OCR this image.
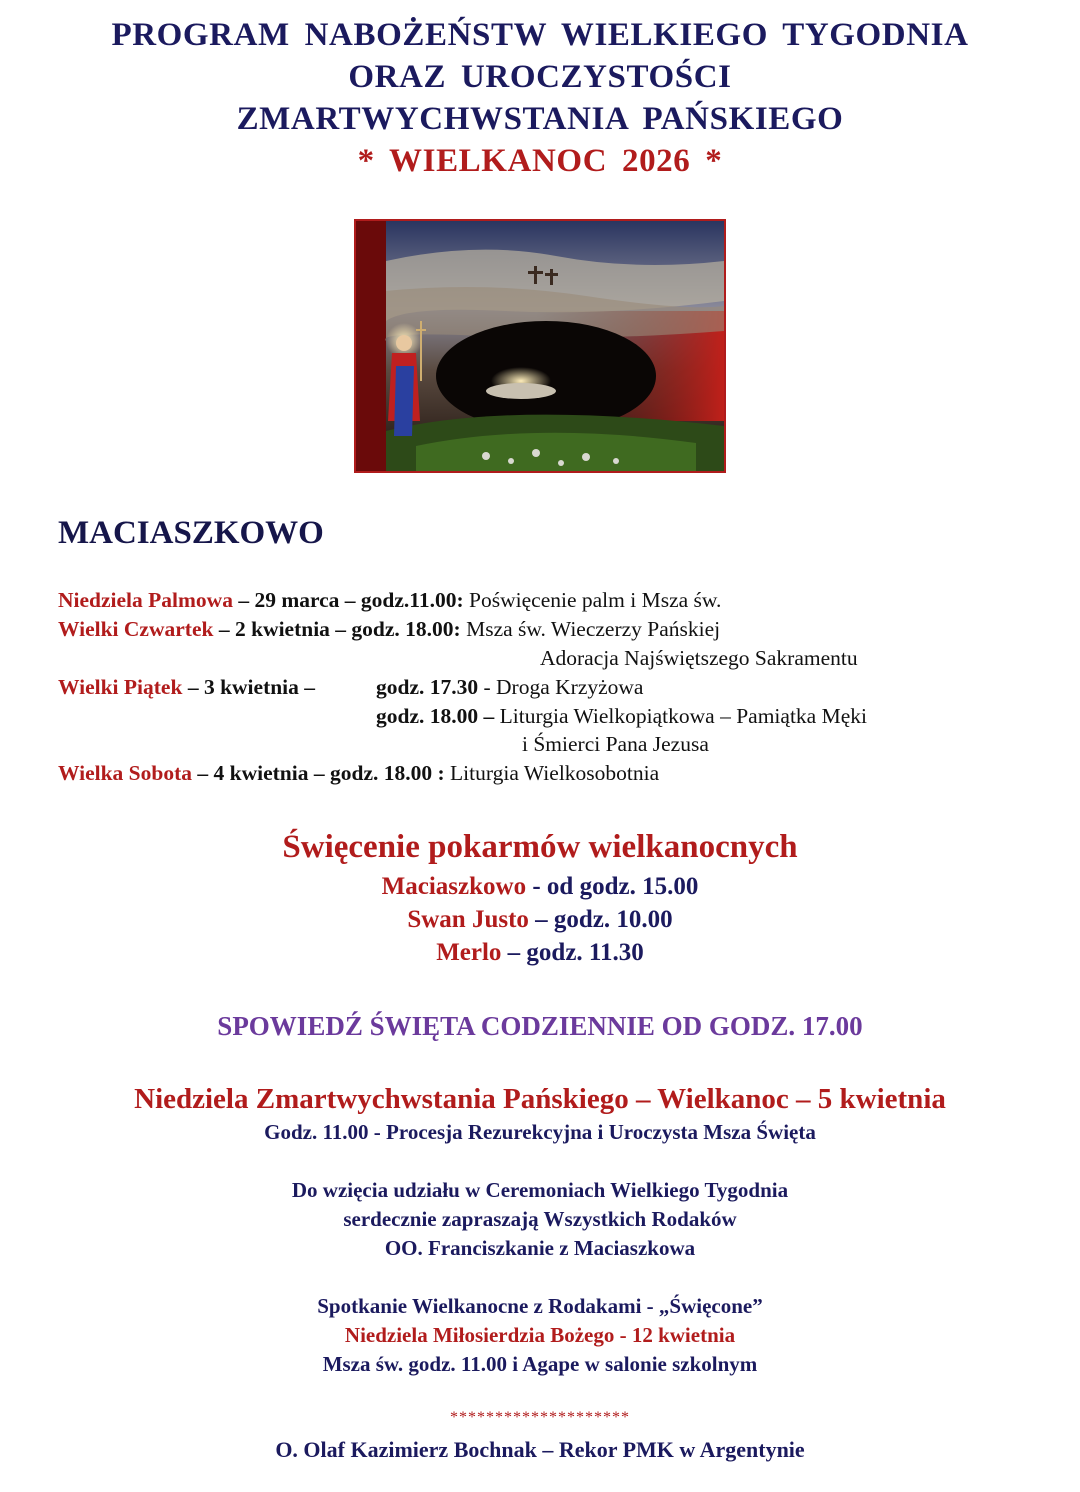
PROGRAM NABOŻEŃSTW WIELKIEGO TYGODNIA
ORAZ UROCZYSTOŚCI
ZMARTWYCHWSTANIA PAŃSKIEGO
* WIELKANOC 2026 *
MACIASZKOWO
Niedziela Palmowa – 29 marca – godz.11.00: Poświęcenie palm i Msza św.
Wielki Czwartek – 2 kwietnia – godz. 18.00: Msza św. Wieczerzy Pańskiej
Adoracja Najświętszego Sakramentu
Wielki Piątek – 3 kwietnia –	godz. 17.30 - Droga Krzyżowa
godz. 18.00 – Liturgia Wielkopiątkowa – Pamiątka Męki
i Śmierci Pana Jezusa
Wielka Sobota – 4 kwietnia – godz. 18.00 : Liturgia Wielkosobotnia
Święcenie pokarmów wielkanocnych
Maciaszkowo - od godz. 15.00
Swan Justo – godz. 10.00
Merlo – godz. 11.30
SPOWIEDŹ ŚWIĘTA CODZIENNIE OD GODZ. 17.00
Niedziela Zmartwychwstania Pańskiego – Wielkanoc – 5 kwietnia
Godz. 11.00 - Procesja Rezurekcyjna i Uroczysta Msza Święta
Do wzięcia udziału w Ceremoniach Wielkiego Tygodnia
serdecznie zapraszają Wszystkich Rodaków
OO. Franciszkanie z Maciaszkowa
Spotkanie Wielkanocne z Rodakami - „Święcone”
Niedziela Miłosierdzia Bożego - 12 kwietnia
Msza św. godz. 11.00 i Agape w salonie szkolnym
********************
O. Olaf Kazimierz Bochnak – Rekor PMK w Argentynie
